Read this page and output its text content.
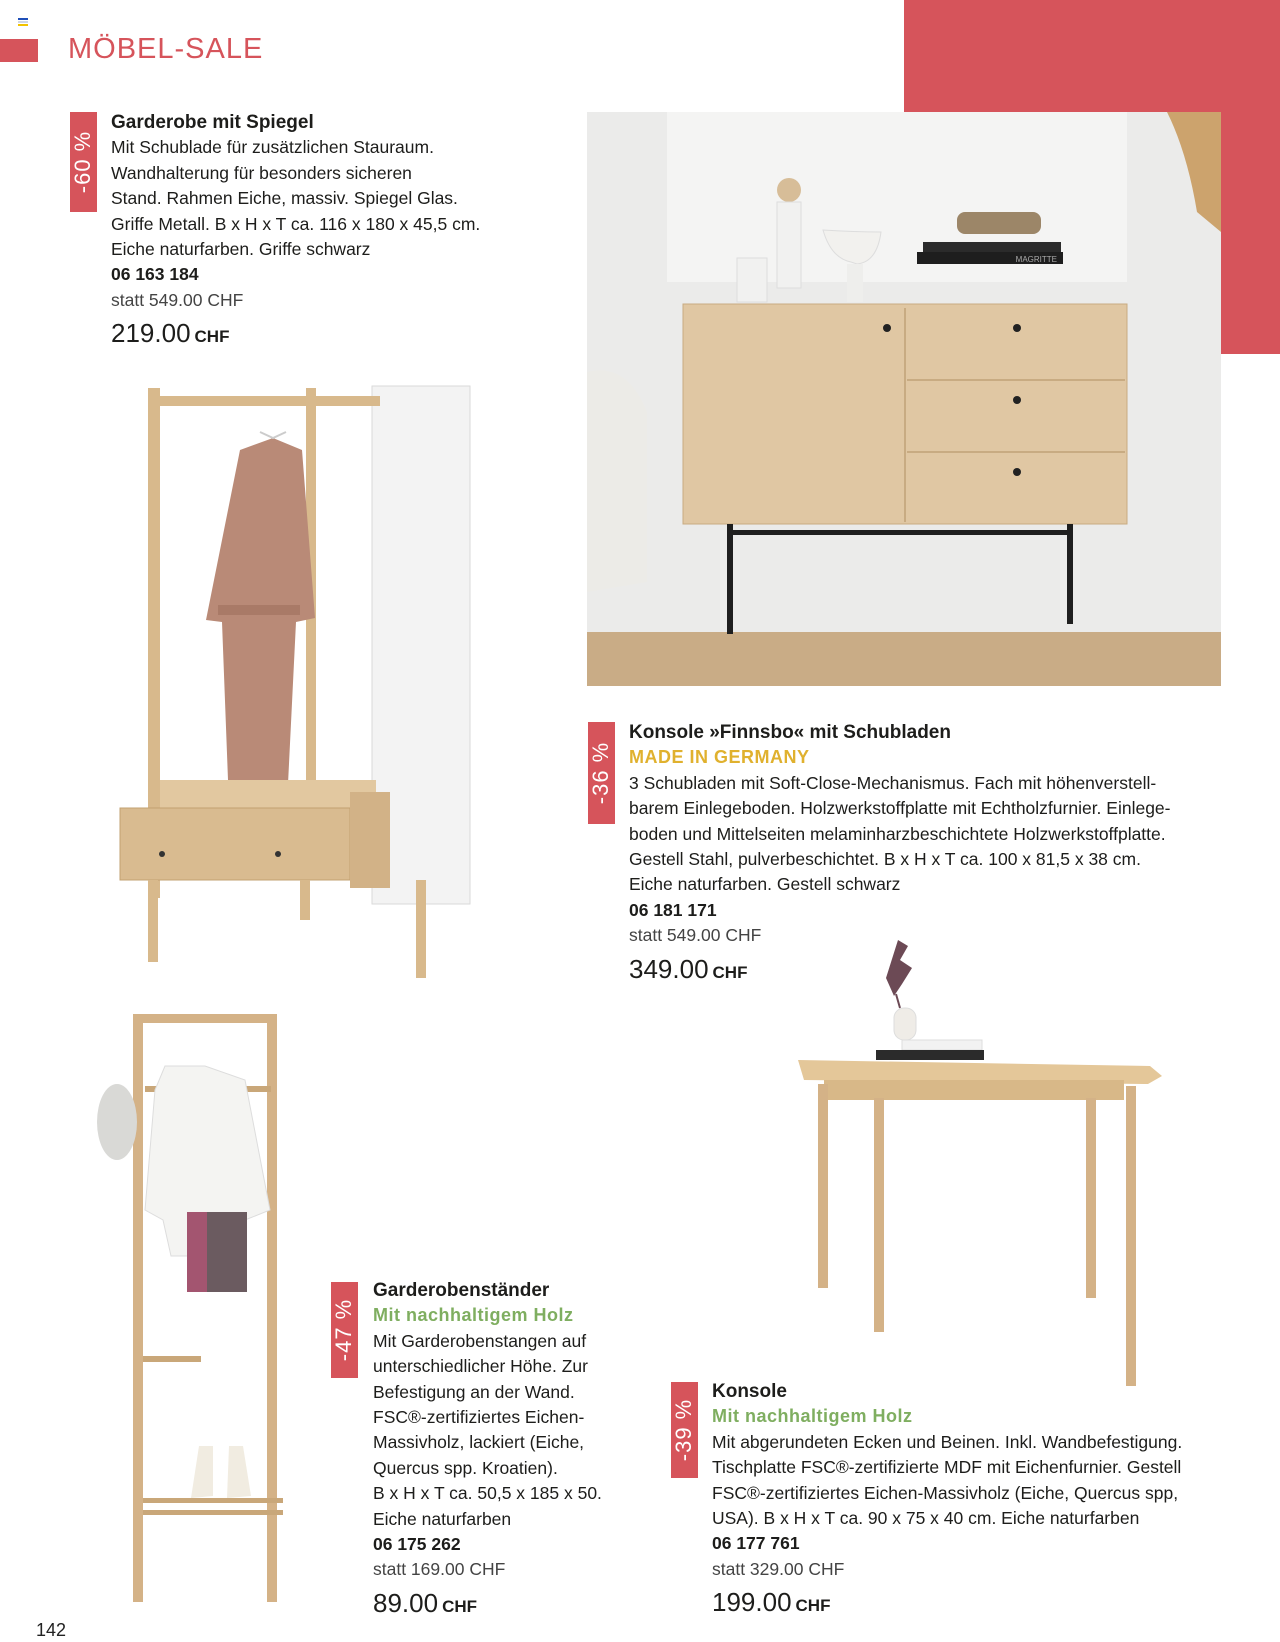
MÖBEL-SALE
-60 %
Garderobe mit Spiegel
Mit Schublade für zusätzlichen Stauraum.
Wandhalterung für besonders sicheren
Stand. Rahmen Eiche, massiv. Spiegel Glas.
Griffe Metall. B x H x T ca. 116 x 180 x 45,5 cm.
Eiche naturfarben. Griffe schwarz
06 163 184
statt 549.00 CHF
219.00 CHF
MAGRITTE
-36 %
Konsole »Finnsbo« mit Schubladen
MADE IN GERMANY
3 Schubladen mit Soft-Close-Mechanismus. Fach mit höhenverstell-
barem Einlegeboden. Holzwerkstoffplatte mit Echtholzfurnier. Einlege-
boden und Mittelseiten melaminharzbeschichtete Holzwerkstoffplatte.
Gestell Stahl, pulverbeschichtet. B x H x T ca. 100 x 81,5 x 38 cm.
Eiche naturfarben. Gestell schwarz
06 181 171
statt 549.00 CHF
349.00 CHF
-47 %
Garderobenständer
Mit nachhaltigem Holz
Mit Garderobenstangen auf
unterschiedlicher Höhe. Zur
Befestigung an der Wand.
FSC®-zertifiziertes Eichen-
Massivholz, lackiert (Eiche,
Quercus spp. Kroatien).
B x H x T ca. 50,5 x 185 x 50.
Eiche naturfarben
06 175 262
statt 169.00 CHF
89.00 CHF
-39 %
Konsole
Mit nachhaltigem Holz
Mit abgerundeten Ecken und Beinen. Inkl. Wandbefestigung.
Tischplatte FSC®-zertifizierte MDF mit Eichenfurnier. Gestell
FSC®-zertifiziertes Eichen-Massivholz (Eiche, Quercus spp,
USA). B x H x T ca. 90 x 75 x 40 cm. Eiche naturfarben
06 177 761
statt 329.00 CHF
199.00 CHF
142
